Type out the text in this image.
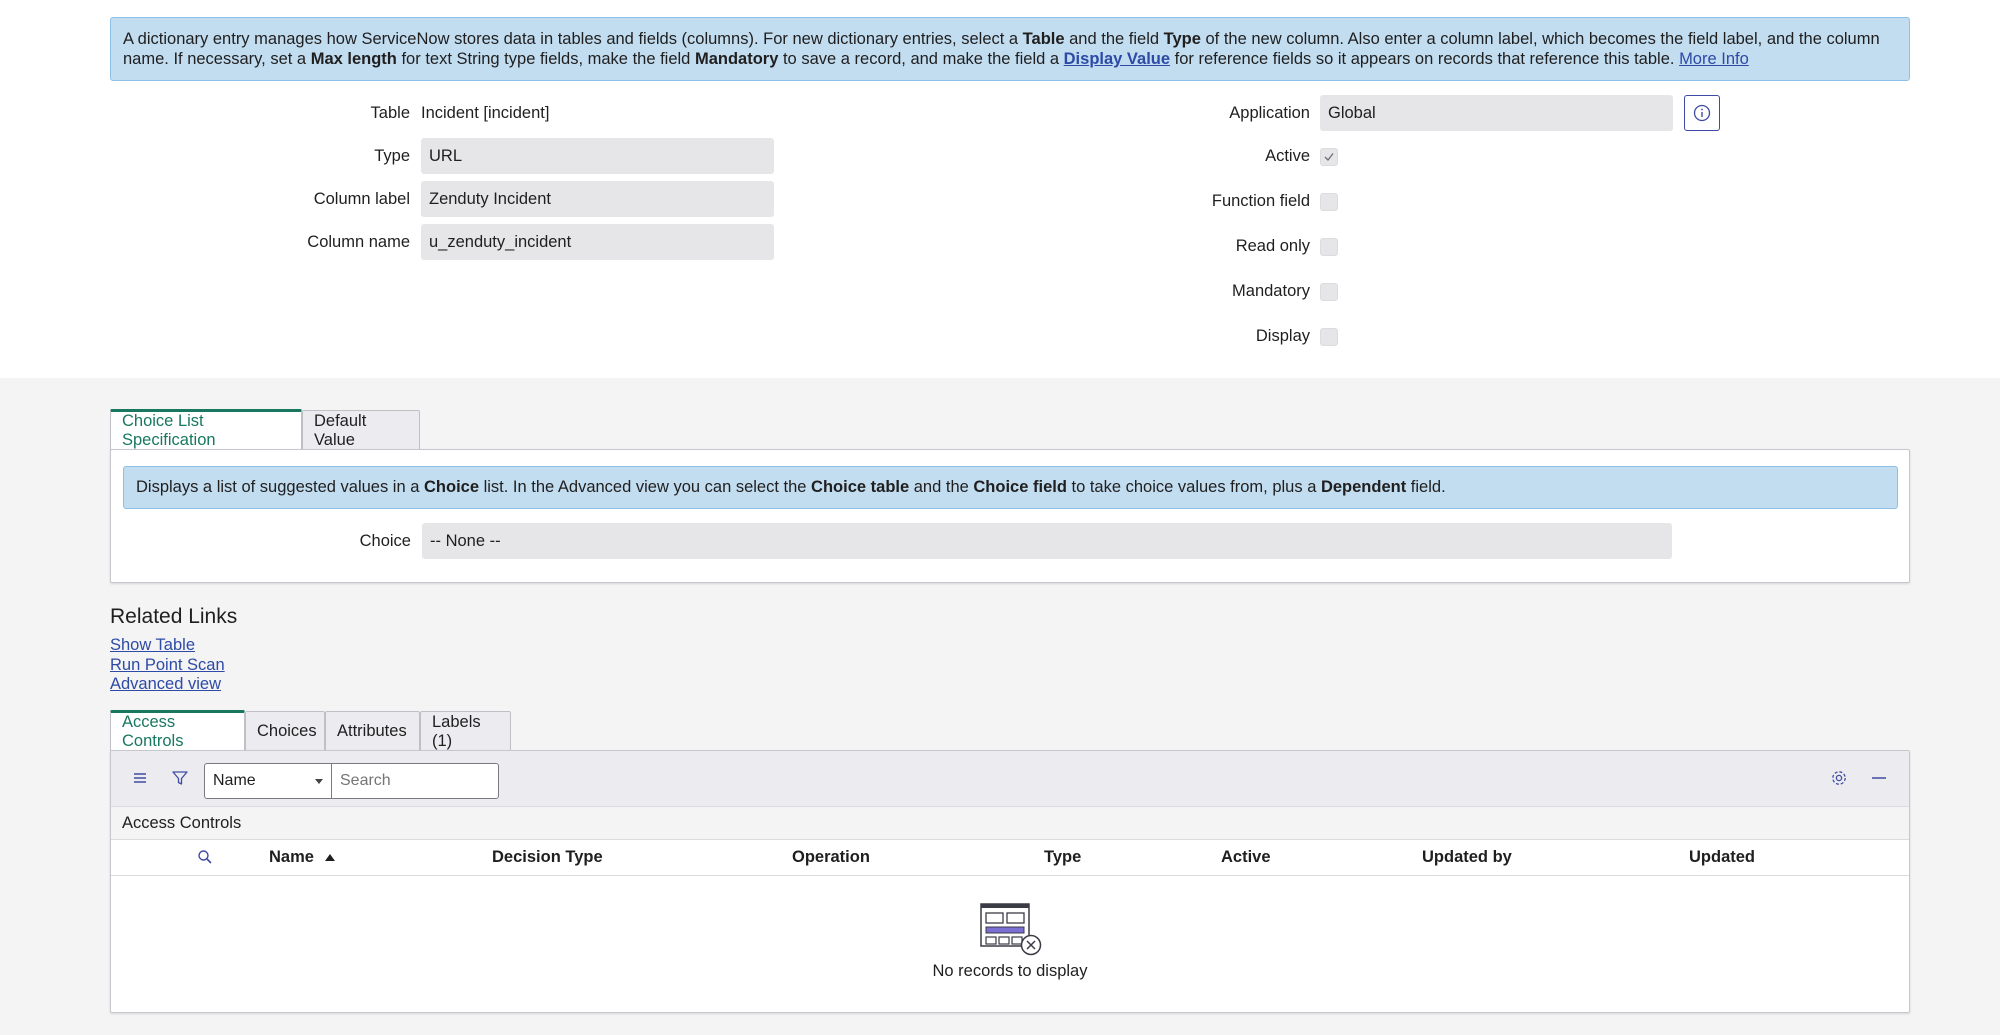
A dictionary entry manages how ServiceNow stores data in tables and fields (columns). For new dictionary entries, select a Table and the field Type of the new column. Also enter a column label, which becomes the field label, and the column name. If necessary, set a Max length for text String type fields, make the field Mandatory to save a record, and make the field a Display Value for reference fields so it appears on records that reference this table. More Info
Table Incident [incident]
Type	URL
Column label	Zenduty Incident
Column name	u_zenduty_incident
Application	Global
Active
Function field
Read only
Mandatory
Display
Choice List Specification
Default Value
Displays a list of suggested values in a Choice list. In the Advanced view you can select the Choice table and the Choice field to take choice values from, plus a Dependent field.
Choice	-- None --
Related Links
Show Table
Run Point Scan
Advanced view
Access Controls
Choices	Attributes
Labels (1)
Name
Search
Access Controls
Name	Decision Type	Operation	Type	Active	Updated by	Updated
No records to display
